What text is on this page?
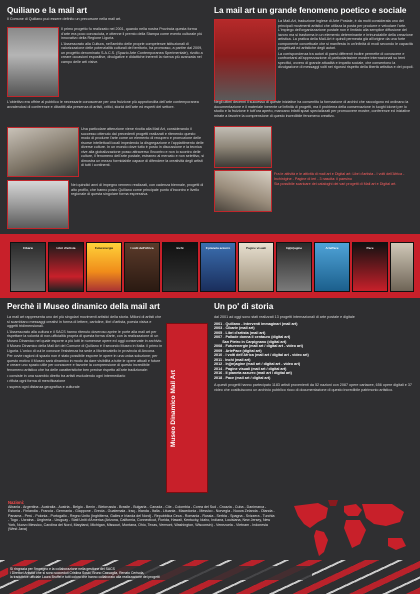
Quiliano e la mail art

Il Comune di Quiliano può essere definito un precursore nella mail art.

Il primo progetto fu realizzato nel 2001, quando nella nostra Provincia questa forma d'arte era poco conosciuta, e ottenne il premio della Stampa come evento culturale più innovativo della Regione Liguria.

L'Assessorato alla Cultura, nell'ambito delle proprie competenze istituzionali di valorizzazione delle potenzialità culturali del territorio, ha promosso, a partire dal 2009, un progetto denominato S.A.C.S. (Spazio Arte Contemporanea Sperimentale), rivolto a creare occasioni espositive, divulgative e didattiche inerenti la ricerca più avanzata nel campo delle arti visive.

L'obiettivo era offrire al pubblico le necessarie conoscenze per una fruizione più approfondita dell'arte contemporanea avvalendosi di conferenze e dibattiti alla presenza di artisti, critici, storici dell'arte ed esperti del settore.

Una particolare attenzione viene rivolta alla Mail Art, considerando il successo ottenuto dai precedenti progetti realizzati e ritenendo questo modo di produrre l'arte come un elemento di recupero e promozione delle risorse intellettuali locali impedendo la disgregazione e l'appiattimento delle diverse culture. In un mondo dove tutto è posto in discussione e la tecnica vive alla globalizzazione posso attraverso l'incontro e non lo scontro delle culture, il fenomeno dell'arte postale, estraneo al mercato e non selettivo, si dimostra un mezzo formidabile capace di difendere la creatività degli artisti di tutti i continenti.

Nei quindici anni di impegno vennero realizzati, con cadenza biennale, progetti di alto profilo, che hanno posto Quiliano come principale punto d'incontro e livello regionale di questa singolare forma espressiva.

La mail art un grande fenomeno poetico e sociale

La Mail-Art, traduzione inglese di Arte Postale, è da molti considerata uno dei principali movimenti artistici che utilizza la posta per produrre e veicolare l'arte. L'impiego dell'organizzazione postale non è limitato alla semplice diffusione del lavoro ma si trasforma in un elemento determinante e irrinunciabile della creazione artistica. La pratica della Mail-Art è quindi permeata già all'origine da una forte componente concettuale che si manifesta in un'infinità di modi secondo le capacità progettuali ed artistiche degli autori.

La corrispondenza tra autori di paesi differenti inoltre permette di conoscere e confrontarsi all'apprezzazione di particolarissime mostre internazionali su temi specifici, ovvero di grande attualità e impatto sociale, che consentono la divulgazione di messaggi volti nei rigorosi rispetto della libertà artistica e dei popoli.

Negli ultimi decenni il successo di queste iniziative ha consentito la formazione di archivi che raccolgono ed ordinano la documentazione e il materiale inerente un'infinità di progetti, ma il problema della conservazione in luoghi idonei per lo studio e la fruizione è tutt'ora aperto, mancano infatti spazi specializzati per promuovere mostre, conferenze ed iniziative mirate a favorire la comprensione di questo incredibile fenomeno creativo.

Fra le attività e le attività di mail art e Digital art: Libri d'artista - I volti dell'Africa - Inchinigine - Pagine di ieri - 3 nascita: il paesino

Sia possibile scaricare dei cataloghi dei vari progetti di Mail art e Digital art.

Cibarie	Libri d'artista	Futurenergie	I volti dell'Africa	Inchi	Il pianeta azzurro	Pagine visuali	Inj(m)agine	ArtePace	Pace
Perchè il Museo dinamico della mail art

La mail art rappresenta uno dei più singolari movimenti artistici della storia. Milioni di artisti che si scambiano messaggi creativi in forma di lettere, cartoline, libri d'artista, poesia visiva e oggetti tridimensionali.

L'Assessorato alla cultura e il SACS hanno ritenuto doveroso aprire le porte alla mail art per rispettare la volontà di non-ufficialità propria di questa forma d'arte, con la realizzazione di un Museo Dinamico nel quale esporre a più lotti le numerose opere ed oggi conservate in archivio.

Il Museo Dinamico della Mail Art del Comune di Quiliano è il secondo Museo in Italia: il primo in Liguria. L'unico di cui le conosce l'esistenza ha sede a Montecatello in provincia di Ancona.

Per ovvie ragioni di spazio non è stato possibile esporre le opere in una unica soluzione; per questo motivo il Museo sarà dinamico in modo da dare visibilità a tutte le opere attuali e future e creare uno spazio utile per conoscere e favorire la comprensione di questo incredibile fenomeno artistico che ha delle caratteristiche ben precise rispetto all'arte tradizionale:

• consiste in una scambio diretto tra artisti escludendo ogni intermediario

• rifiuta ogni forma di mercificazione

• supera ogni distanza geografica e culturale	Museo Dinamico Mail Art
Un po' di storia
dal 2001 ad oggi sono stati realizzati 13 progetti internazionali di arte postale e digitale
2001 - Quiliano - Interventi immaginari (mail art)
2003 - Cibarie (mail art)
2005 - Libri d'artista (mail art)
2007 - Pallade donna il centauro (digital art)
San Pietro in Carpignano (digital art)
2008 - Futurenergie (mail art / digital art - video art)
2009 - ArtePace (digital art)
2010 - I volti dell'Africa (mail art / digital art - video art)
2011 - Inchi (mail art)
2012 - Inj(m)agine (mail art / digital art - video art)
2014 - Pagine visuali (mail art / digital art)
2016 - Il pianeta azzurro (mail art / digital art)
2018 - Pace (mail art / digital art)
A questi progetti hanno partecipato 1183 artisti provenienti da 52 nazioni con 2087 opere cartacee, 656 opere digitali e 37 video che costituiscono un archivio pubblico ricco di documentazione di questo incredibile patrimonio artistico.
Nazioni:
Albania - Argentina - Australia - Austria - Belgio - Benin - Bielorussia - Brasile - Bulgaria - Canada - Cile - Colombia - Corea del Sud - Croazia - Cuba - Danimarca - Estonia - Finlandia - Francia - Germania - Giappone - Grecia - Guatemala - Iraq - Irlanda - Italia - Lituania - Macedonia - Messico - Norvegia - Nuova Zelanda - Olanda - Panama - Perù - Polonia - Portogallo - Regno Unito (Inghilterra, Galles e Irlanda del Nord) - Repubblica Ceca - Romania - Russia - Serbia - Spagna - Svizzera - Turchia - Togo - Ucraina - Ungheria - Uruguay - Stati Uniti d'America (Arizona, California, Connecticut, Florida, Hawaii, Kentucky, Idaho, Indiana, Louisiana, New Jersey, New York, Nuovo Messico, Carolina del Nord, Maryland, Michigan, Missouri, Montana, Ohio, Texas, Vermont, Washington, Wisconsin) - Venezuela - Vietnam - Indonesia (West Java)
Si ringrazia per l'impegno e la collaborazione nella gestione del SACS
i Direttori Artistici che si sono succeduti Cristina Sosio, Bruno Cassaglia, Renato Cerisola,
la traduttrice ufficiale Laura Bruffel e tutti coloro che hanno collaborato alla realizzazione dei progetti
